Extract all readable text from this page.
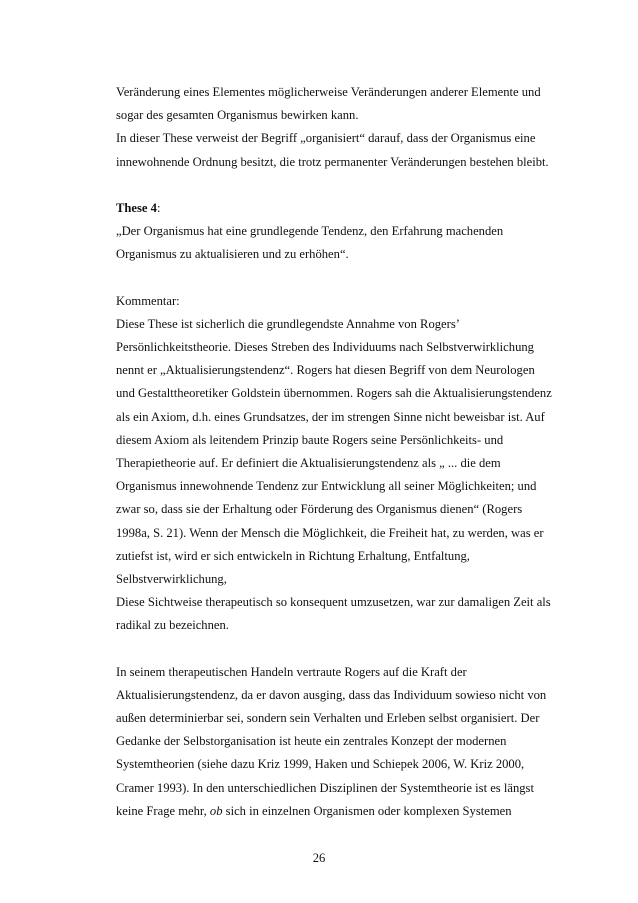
Veränderung eines Elementes möglicherweise Veränderungen anderer Elemente und
sogar des gesamten Organismus bewirken kann.
In dieser These verweist der Begriff „organisiert“ darauf, dass der Organismus eine
innewohnende Ordnung besitzt, die trotz permanenter Veränderungen bestehen bleibt.
These 4:
„Der Organismus hat eine grundlegende Tendenz, den Erfahrung machenden
Organismus zu aktualisieren und zu erhöhen“.
Kommentar:
Diese These ist sicherlich die grundlegendste Annahme von Rogers’
Persönlichkeitstheorie. Dieses Streben des Individuums nach Selbstverwirklichung
nennt er „Aktualisierungstendenz“. Rogers hat diesen Begriff von dem Neurologen
und Gestalttheoretiker Goldstein übernommen. Rogers sah die Aktualisierungstendenz
als ein Axiom, d.h. eines Grundsatzes, der im strengen Sinne nicht beweisbar ist. Auf
diesem Axiom als leitendem Prinzip baute Rogers seine Persönlichkeits- und
Therapietheorie auf. Er definiert die Aktualisierungstendenz als „ ... die dem
Organismus innewohnende Tendenz zur Entwicklung all seiner Möglichkeiten; und
zwar so, dass sie der Erhaltung oder Förderung des Organismus dienen“ (Rogers
1998a, S. 21). Wenn der Mensch die Möglichkeit, die Freiheit hat, zu werden, was er
zutiefst ist, wird er sich entwickeln in Richtung Erhaltung, Entfaltung,
Selbstverwirklichung,
Diese Sichtweise therapeutisch so konsequent umzusetzen, war zur damaligen Zeit als
radikal zu bezeichnen.
In seinem therapeutischen Handeln vertraute Rogers auf die Kraft der
Aktualisierungstendenz, da er davon ausging, dass das Individuum sowieso nicht von
außen determinierbar sei, sondern sein Verhalten und Erleben selbst organisiert. Der
Gedanke der Selbstorganisation ist heute ein zentrales Konzept der modernen
Systemtheorien (siehe dazu Kriz 1999, Haken und Schiepek 2006, W. Kriz 2000,
Cramer 1993). In den unterschiedlichen Disziplinen der Systemtheorie ist es längst
keine Frage mehr, ob sich in einzelnen Organismen oder komplexen Systemen
26
